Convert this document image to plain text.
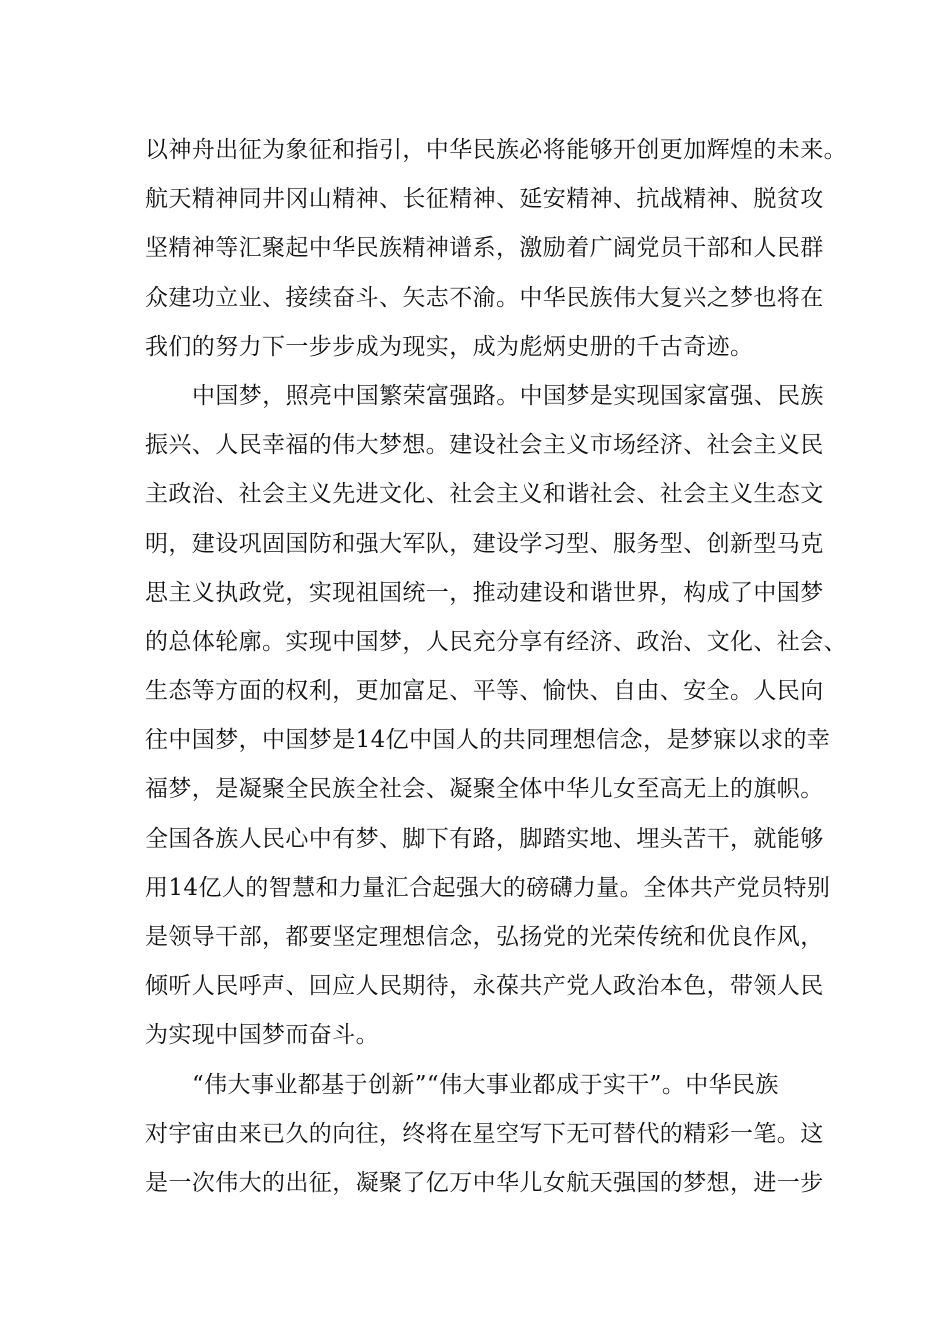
以神舟出征为象征和指引，中华民族必将能够开创更加辉煌的未来。
航天精神同井冈山精神、长征精神、延安精神、抗战精神、脱贫攻
坚精神等汇聚起中华民族精神谱系，激励着广阔党员干部和人民群
众建功立业、接续奋斗、矢志不渝。中华民族伟大复兴之梦也将在
我们的努力下一步步成为现实，成为彪炳史册的千古奇迹。
中国梦，照亮中国繁荣富强路。中国梦是实现国家富强、民族
振兴、人民幸福的伟大梦想。建设社会主义市场经济、社会主义民
主政治、社会主义先进文化、社会主义和谐社会、社会主义生态文
明，建设巩固国防和强大军队，建设学习型、服务型、创新型马克
思主义执政党，实现祖国统一，推动建设和谐世界，构成了中国梦
的总体轮廓。实现中国梦，人民充分享有经济、政治、文化、社会、
生态等方面的权利，更加富足、平等、愉快、自由、安全。人民向
往中国梦，中国梦是14亿中国人的共同理想信念，是梦寐以求的幸
福梦，是凝聚全民族全社会、凝聚全体中华儿女至高无上的旗帜。
全国各族人民心中有梦、脚下有路，脚踏实地、埋头苦干，就能够
用14亿人的智慧和力量汇合起强大的磅礴力量。全体共产党员特别
是领导干部，都要坚定理想信念，弘扬党的光荣传统和优良作风，
倾听人民呼声、回应人民期待，永葆共产党人政治本色，带领人民
为实现中国梦而奋斗。
“伟大事业都基于创新”“伟大事业都成于实干”。中华民族
对宇宙由来已久的向往，终将在星空写下无可替代的精彩一笔。这
是一次伟大的出征，凝聚了亿万中华儿女航天强国的梦想，进一步
